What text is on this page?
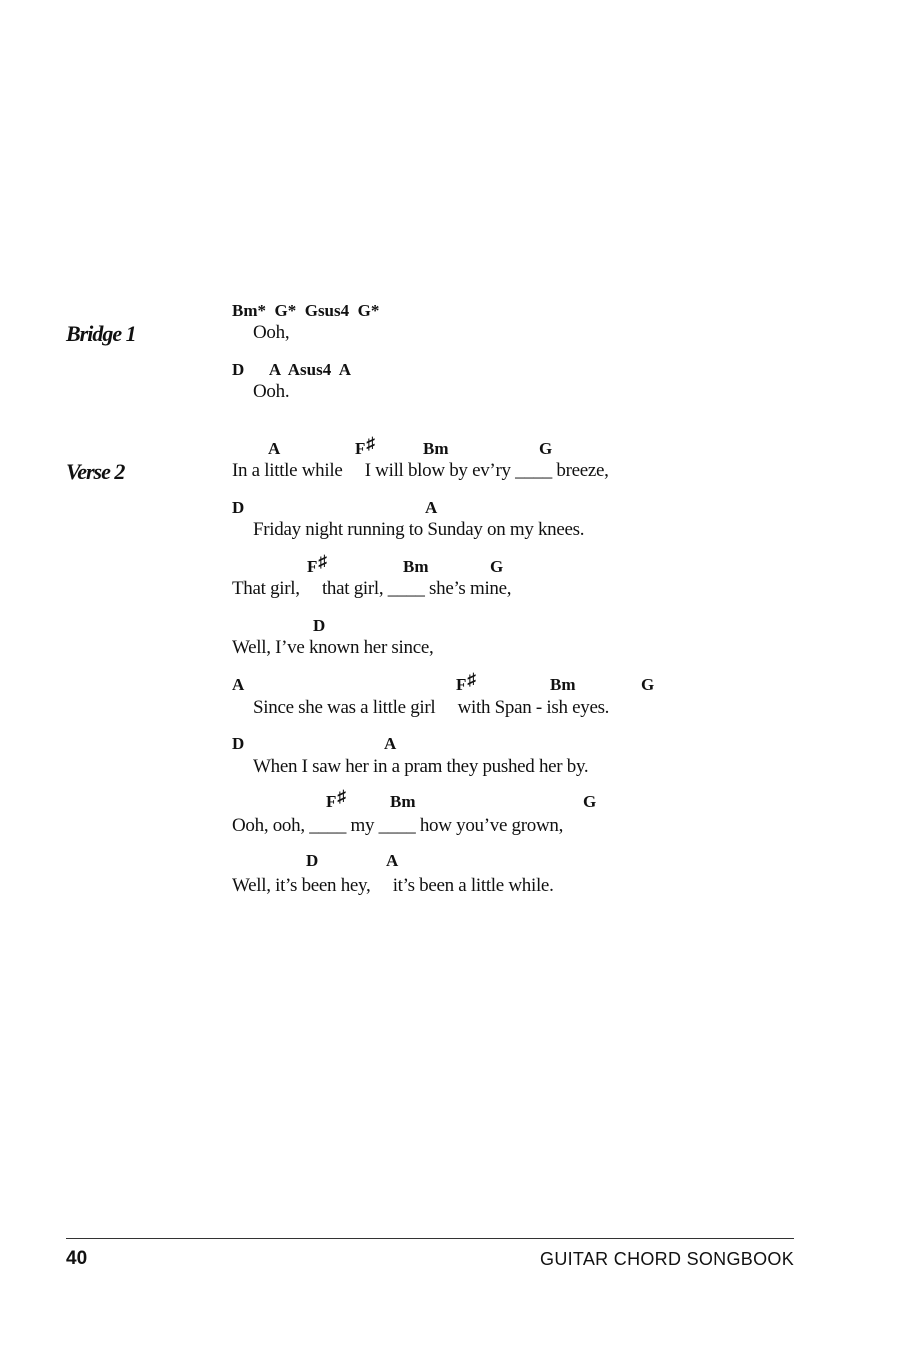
Bridge 1
Verse 2
Bm*  G*  Gsus4  G*
Ooh,
D      A  Asus4  A
Ooh.
A	F♯	Bm	G
In a little while     I will blow by ev’ry ____ breeze,
D	A
Friday night running to Sunday on my knees.
F♯	Bm	G
That girl,     that girl, ____ she’s mine,
D
Well, I’ve known her since,
A	F♯	Bm	G
Since she was a little girl     with Span - ish eyes.
D	A
When I saw her in a pram they pushed her by.
F♯	Bm	G
Ooh, ooh, ____ my ____ how you’ve grown,
D	A
Well, it’s been hey,     it’s been a little while.
40	GUITAR CHORD SONGBOOK
